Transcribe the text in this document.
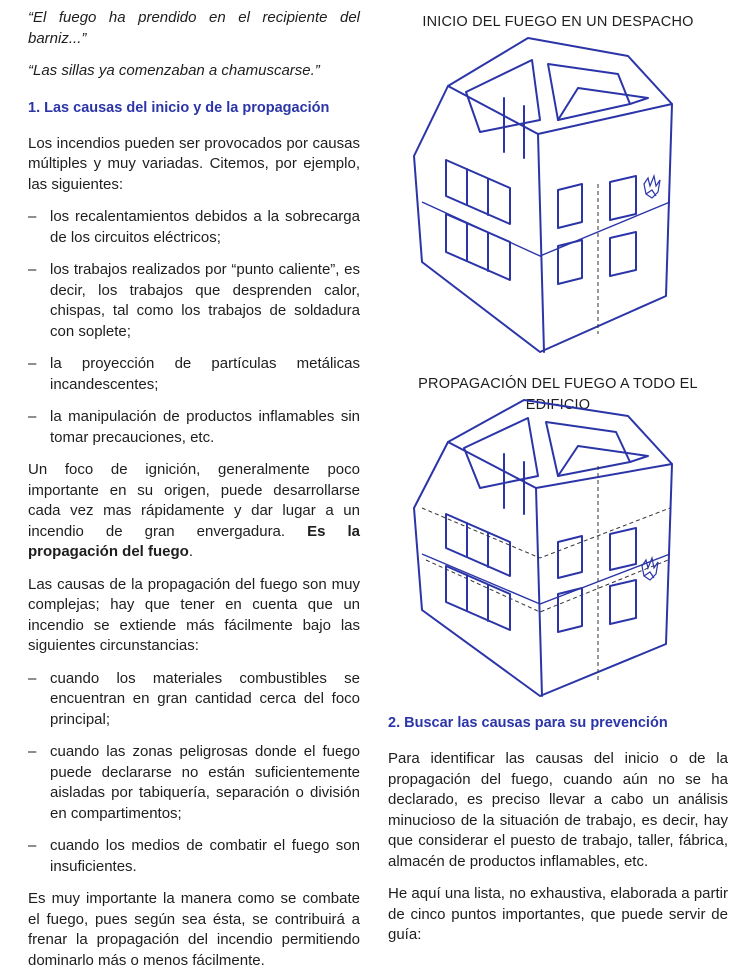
“El fuego ha prendido en el recipiente del barniz...”

“Las sillas ya comenzaban a chamuscarse.”

1. Las causas del inicio y de la propagación

Los incendios pueden ser provocados por causas múltiples y muy variadas. Citemos, por ejemplo, las siguientes:

– los recalentamientos debidos a la sobrecarga de los circuitos eléctricos;
– los trabajos realizados por “punto caliente”, es decir, los trabajos que desprenden calor, chispas, tal como los trabajos de soldadura con soplete;
– la proyección de partículas metálicas incandescentes;
– la manipulación de productos inflamables sin tomar precauciones, etc.

Un foco de ignición, generalmente poco importante en su origen, puede desarrollarse cada vez mas rápidamente y dar lugar a un incendio de gran envergadura. Es la propagación del fuego.

Las causas de la propagación del fuego son muy complejas; hay que tener en cuenta que un incendio se extiende más fácilmente bajo las siguientes circunstancias:

– cuando los materiales combustibles se encuentran en gran cantidad cerca del foco principal;
– cuando las zonas peligrosas donde el fuego puede declararse no están suficientemente aisladas por tabiquería, separación o división en compartimentos;
– cuando los medios de combatir el fuego son insuficientes.

Es muy importante la manera como se combate el fuego, pues según sea ésta, se contribuirá a frenar la propagación del incendio permitiendo dominarlo más o menos fácilmente.

INICIO DEL FUEGO EN UN DESPACHO

PROPAGACIÓN DEL FUEGO A TODO EL EDIFICIO

2. Buscar las causas para su prevención

Para identificar las causas del inicio o de la propagación del fuego, cuando aún no se ha declarado, es preciso llevar a cabo un análisis minucioso de la situación de trabajo, es decir, hay que considerar el puesto de trabajo, taller, fábrica, almacén de productos inflamables, etc.

He aquí una lista, no exhaustiva, elaborada a partir de cinco puntos importantes, que puede servir de guía:
